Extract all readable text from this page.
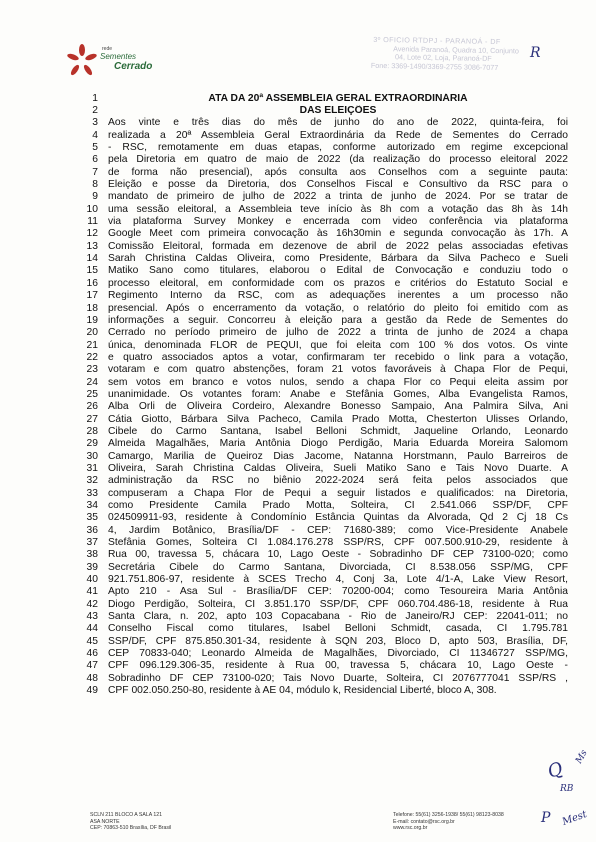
rede
Sementes
Cerrado
3º OFICIO RTDPJ - PARANOÁ - DF
Avenida Paranoá, Quadra 10, Conjunto
04, Lote 02, Loja, Paranoá-DF
Fone: 3369-1490/3369-2755 3086-7077
R
1	ATA DA 20ª ASSEMBLEIA GERAL EXTRAORDINÁRIA
2	DAS ELEIÇÕES
3 Aos vinte e três dias do mês de junho do ano de 2022, quinta-feira, foi
4 realizada a 20ª Assembleia Geral Extraordinária da Rede de Sementes do Cerrado
5 - RSC, remotamente em duas etapas, conforme autorizado em regime excepcional
6 pela Diretoria em quatro de maio de 2022 (da realização do processo eleitoral 2022
7 de forma não presencial), após consulta aos Conselhos com a seguinte pauta:
8 Eleição e posse da Diretoria, dos Conselhos Fiscal e Consultivo da RSC para o
9 mandato de primeiro de julho de 2022 a trinta de junho de 2024. Por se tratar de
10 uma sessão eleitoral, a Assembleia teve início às 8h com a votação das 8h às 14h
11 via plataforma Survey Monkey e encerrada com video conferência via plataforma
12 Google Meet com primeira convocação às 16h30min e segunda convocação às 17h. A
13 Comissão Eleitoral, formada em dezenove de abril de 2022 pelas associadas efetivas
14 Sarah Christina Caldas Oliveira, como Presidente, Bárbara da Silva Pacheco e Sueli
15 Matiko Sano como titulares, elaborou o Edital de Convocação e conduziu todo o
16 processo eleitoral, em conformidade com os prazos e critérios do Estatuto Social e
17 Regimento Interno da RSC, com as adequações inerentes a um processo não
18 presencial. Após o encerramento da votação, o relatório do pleito foi emitido com as
19 informações a seguir. Concorreu à eleição para a gestão da Rede de Sementes do
20 Cerrado no período primeiro de julho de 2022 a trinta de junho de 2024 a chapa
21 única, denominada FLOR de PEQUI, que foi eleita com 100 % dos votos. Os vinte
22 e quatro associados aptos a votar, confirmaram ter recebido o link para a votação,
23 votaram e com quatro abstenções, foram 21 votos favoráveis à Chapa Flor de Pequi,
24 sem votos em branco e votos nulos, sendo a chapa Flor co Pequi eleita assim por
25 unanimidade. Os votantes foram: Anabe e Stefânia Gomes, Alba Evangelista Ramos,
26 Alba Orli de Oliveira Cordeiro, Alexandre Bonesso Sampaio, Ana Palmira Silva, Ani
27 Cátia Giotto, Bárbara Silva Pacheco, Camila Prado Motta, Chesterton Ulisses Orlando,
28 Cibele do Carmo Santana, Isabel Belloni Schmidt, Jaqueline Orlando, Leonardo
29 Almeida Magalhães, Maria Antônia Diogo Perdigão, Maria Eduarda Moreira Salomom
30 Camargo, Marilia de Queiroz Dias Jacome, Natanna Horstmann, Paulo Barreiros de
31 Oliveira, Sarah Christina Caldas Oliveira, Sueli Matiko Sano e Tais Novo Duarte. A
32 administração da RSC no biênio 2022-2024 será feita pelos associados que
33 compuseram a Chapa Flor de Pequi a seguir listados e qualificados: na Diretoria,
34 como Presidente Camila Prado Motta, Solteira, CI 2.541.066 SSP/DF, CPF
35 024509911-93, residente à Condomínio Estância Quintas da Alvorada, Qd 2 Cj 18 Cs
36 4, Jardim Botânico, Brasília/DF - CEP: 71680-389; como Vice-Presidente Anabele
37 Stefânia Gomes, Solteira CI 1.084.176.278 SSP/RS, CPF 007.500.910-29, residente à
38 Rua 00, travessa 5, chácara 10, Lago Oeste - Sobradinho DF CEP 73100-020; como
39 Secretária Cibele do Carmo Santana, Divorciada, CI 8.538.056 SSP/MG, CPF
40 921.751.806-97, residente à SCES Trecho 4, Conj 3a, Lote 4/1-A, Lake View Resort,
41 Apto 210 - Asa Sul - Brasília/DF CEP: 70200-004; como Tesoureira Maria Antônia
42 Diogo Perdigão, Solteira, CI 3.851.170 SSP/DF, CPF 060.704.486-18, residente à Rua
43 Santa Clara, n. 202, apto 103 Copacabana - Rio de Janeiro/RJ CEP: 22041-011; no
44 Conselho Fiscal como titulares, Isabel Belloni Schmidt, casada, CI 1.795.781
45 SSP/DF, CPF 875.850.301-34, residente à SQN 203, Bloco D, apto 503, Brasília, DF,
46 CEP 70833-040; Leonardo Almeida de Magalhães, Divorciado, CI 11346727 SSP/MG,
47 CPF 096.129.306-35, residente à Rua 00, travessa 5, chácara 10, Lago Oeste -
48 Sobradinho DF CEP 73100-020; Tais Novo Duarte, Solteira, CI 2076777041 SSP/RS ,
49 CPF 002.050.250-80, residente à AE 04, módulo k, Residencial Liberté, bloco A, 308.
SCLN 211 BLOCO A SALA 121
ASA NORTE
CEP: 70863-510 Brasília, DF Brasil
Telefone: 55(61) 3256-1938/ 55(61) 98123-8038
E-mail: contato@rsc.org.br
www.rsc.org.br
Q
Ms
RB
P Mest
